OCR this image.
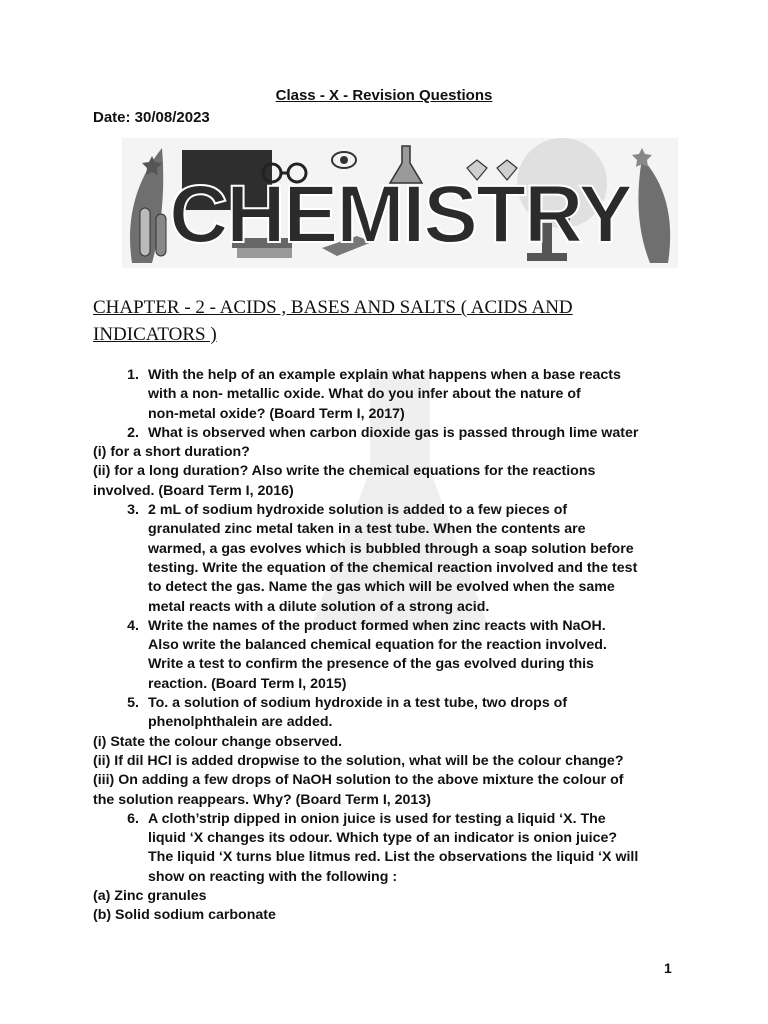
Class - X - Revision Questions
Date: 30/08/2023
CHEMISTRY
CHAPTER - 2 - ACIDS , BASES AND SALTS ( ACIDS AND
INDICATORS )
1. With the help of an example explain what happens when a base reacts
with a non- metallic oxide. What do you infer about the nature of
non-metal oxide? (Board Term I, 2017)
2. What is observed when carbon dioxide gas is passed through lime water
(i) for a short duration?
(ii) for a long duration? Also write the chemical equations for the reactions
involved. (Board Term I, 2016)
3. 2 mL of sodium hydroxide solution is added to a few pieces of
granulated zinc metal taken in a test tube. When the contents are
warmed, a gas evolves which is bubbled through a soap solution before
testing. Write the equation of the chemical reaction involved and the test
to detect the gas. Name the gas which will be evolved when the same
metal reacts with a dilute solution of a strong acid.
4. Write the names of the product formed when zinc reacts with NaOH.
Also write the balanced chemical equation for the reaction involved.
Write a test to confirm the presence of the gas evolved during this
reaction. (Board Term I, 2015)
5. To. a solution of sodium hydroxide in a test tube, two drops of
phenolphthalein are added.
(i) State the colour change observed.
(ii) If dil HCl is added dropwise to the solution, what will be the colour change?
(iii) On adding a few drops of NaOH solution to the above mixture the colour of
the solution reappears. Why? (Board Term I, 2013)
6. A cloth’strip dipped in onion juice is used for testing a liquid ‘X. The
liquid ‘X changes its odour. Which type of an indicator is onion juice?
The liquid ‘X turns blue litmus red. List the observations the liquid ‘X will
show on reacting with the following :
(a) Zinc granules
(b) Solid sodium carbonate
1
